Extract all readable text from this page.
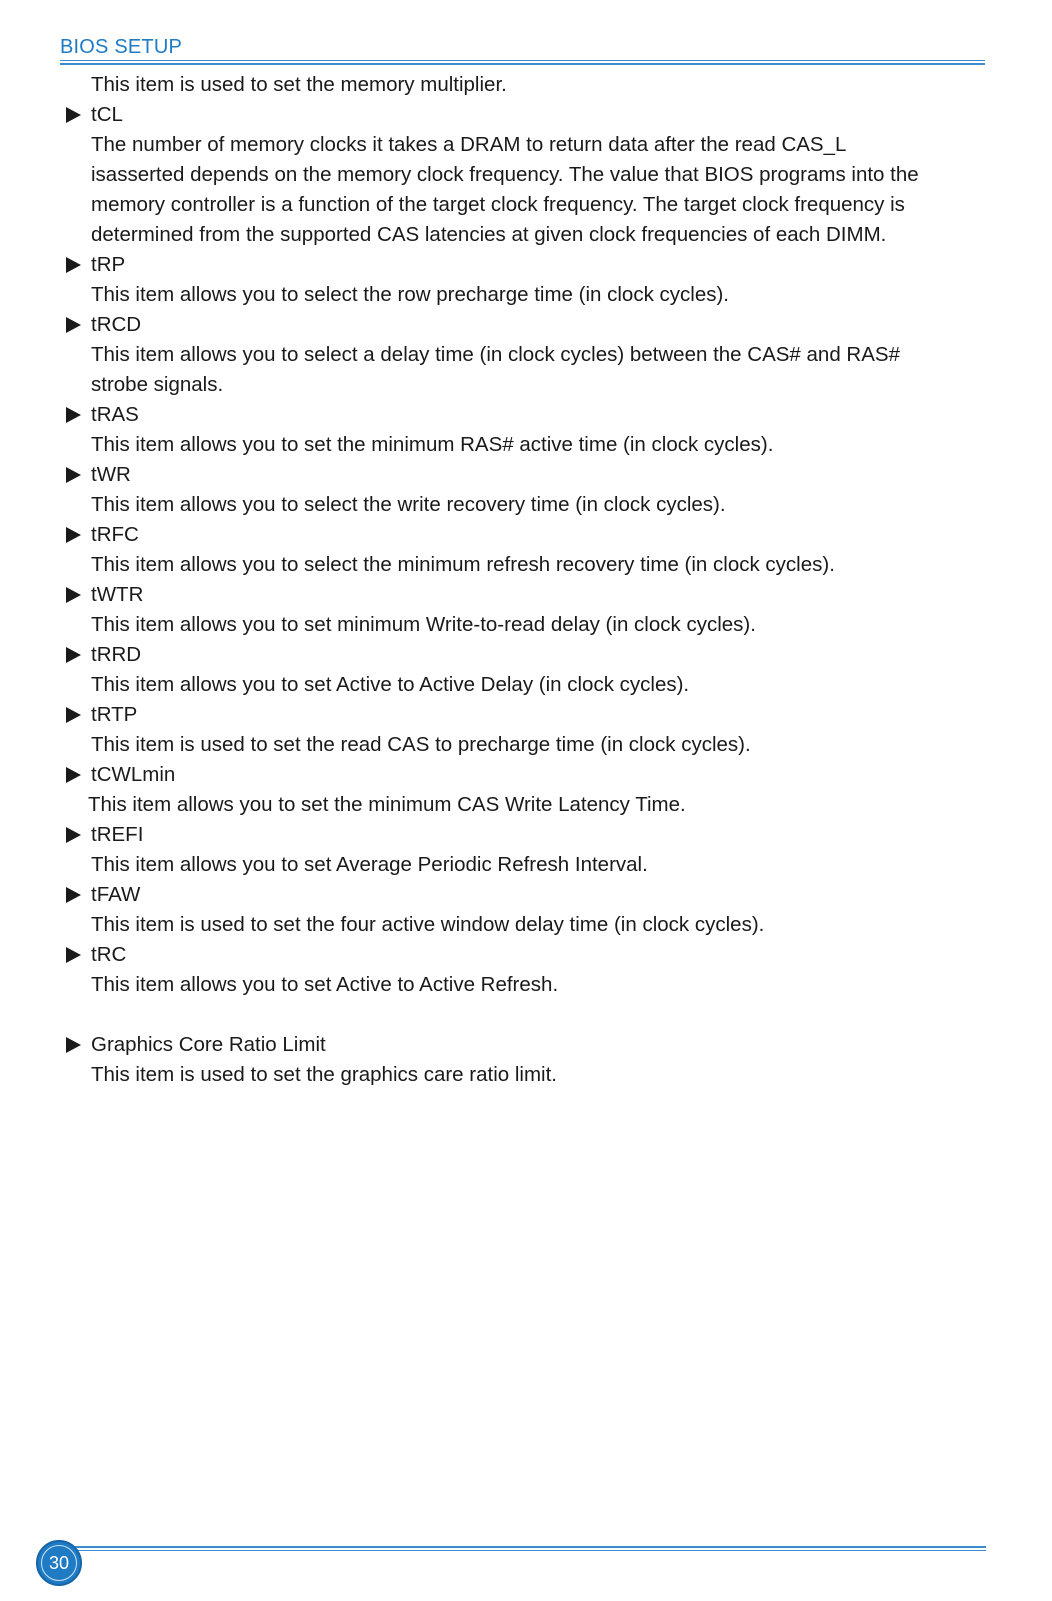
BIOS SETUP

This item is used to set the memory multiplier.

tCL

The number of memory clocks it takes a DRAM to return data after the read CAS_L

isasserted depends on the memory clock frequency. The value that BIOS programs into the

memory controller is a function of the target clock frequency. The target clock frequency is

determined from the supported CAS latencies at given clock frequencies of each DIMM.

tRP

This item allows you to select the row precharge time (in clock cycles).

tRCD

This item allows you to select a delay time (in clock cycles) between the CAS# and RAS#

strobe signals.

tRAS

This item allows you to set the minimum RAS# active time (in clock cycles).

tWR

This item allows you to select the write recovery time (in clock cycles).

tRFC

This item allows you to select the minimum refresh recovery time (in clock cycles).

tWTR

This item allows you to set minimum Write-to-read delay (in clock cycles).

tRRD

This item allows you to set Active to Active Delay (in clock cycles).

tRTP

This item is used to set the read CAS to precharge time (in clock cycles).

tCWLmin

This item allows you to set the minimum CAS Write Latency Time.

tREFI

This item allows you to set Average Periodic Refresh Interval.

tFAW

This item is used to set the four active window delay time (in clock cycles).

tRC

This item allows you to set Active to Active Refresh.

Graphics Core Ratio Limit

This item is used to set the graphics care ratio limit.

30
